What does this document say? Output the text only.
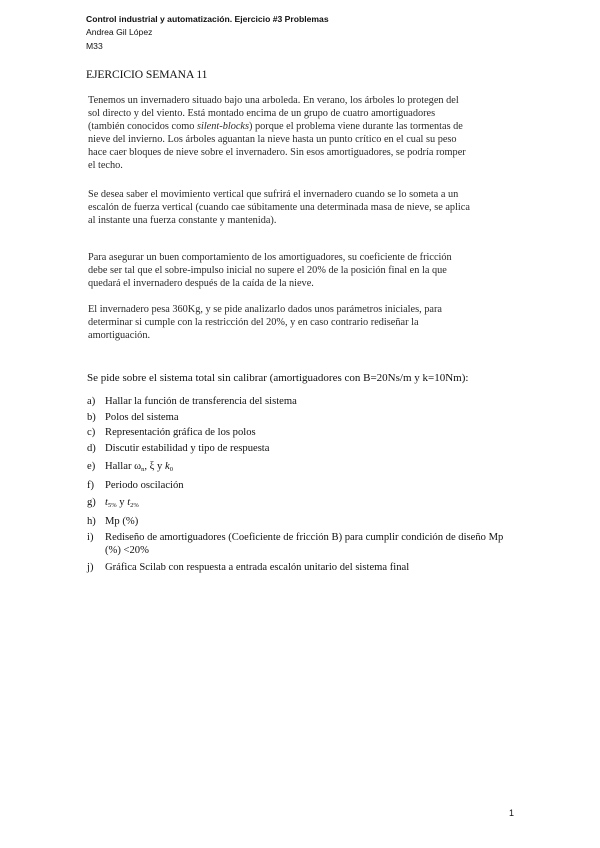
Control industrial y automatización. Ejercicio #3 Problemas
Andrea Gil López
M33
EJERCICIO SEMANA 11

Tenemos un invernadero situado bajo una arboleda. En verano, los árboles lo protegen del sol directo y del viento. Está montado encima de un grupo de cuatro amortiguadores (también conocidos como silent-blocks) porque el problema viene durante las tormentas de nieve del invierno. Los árboles aguantan la nieve hasta un punto crítico en el cual su peso hace caer bloques de nieve sobre el invernadero. Sin esos amortiguadores, se podría romper el techo.

Se desea saber el movimiento vertical que sufrirá el invernadero cuando se lo someta a un escalón de fuerza vertical (cuando cae súbitamente una determinada masa de nieve, se aplica al instante una fuerza constante y mantenida).

Para asegurar un buen comportamiento de los amortiguadores, su coeficiente de fricción debe ser tal que el sobre-impulso inicial no supere el 20% de la posición final en la que quedará el invernadero después de la caída de la nieve.

El invernadero pesa 360Kg, y se pide analizarlo dados unos parámetros iniciales, para determinar si cumple con la restricción del 20%, y en caso contrario rediseñar la amortiguación.

Se pide sobre el sistema total sin calibrar (amortiguadores con B=20Ns/m y k=10Nm):
a) Hallar la función de transferencia del sistema
b) Polos del sistema
c) Representación gráfica de los polos
d) Discutir estabilidad y tipo de respuesta
e) Hallar $\omega_n$, ξ y $k_0$
f) Periodo oscilación
g) $t_{5\%}$ y $t_{2\%}$
h) Mp (%)
i) Rediseño de amortiguadores (Coeficiente de fricción B) para cumplir condición de diseño Mp (%) <20%
j) Gráfica Scilab con respuesta a entrada escalón unitario del sistema final
1
